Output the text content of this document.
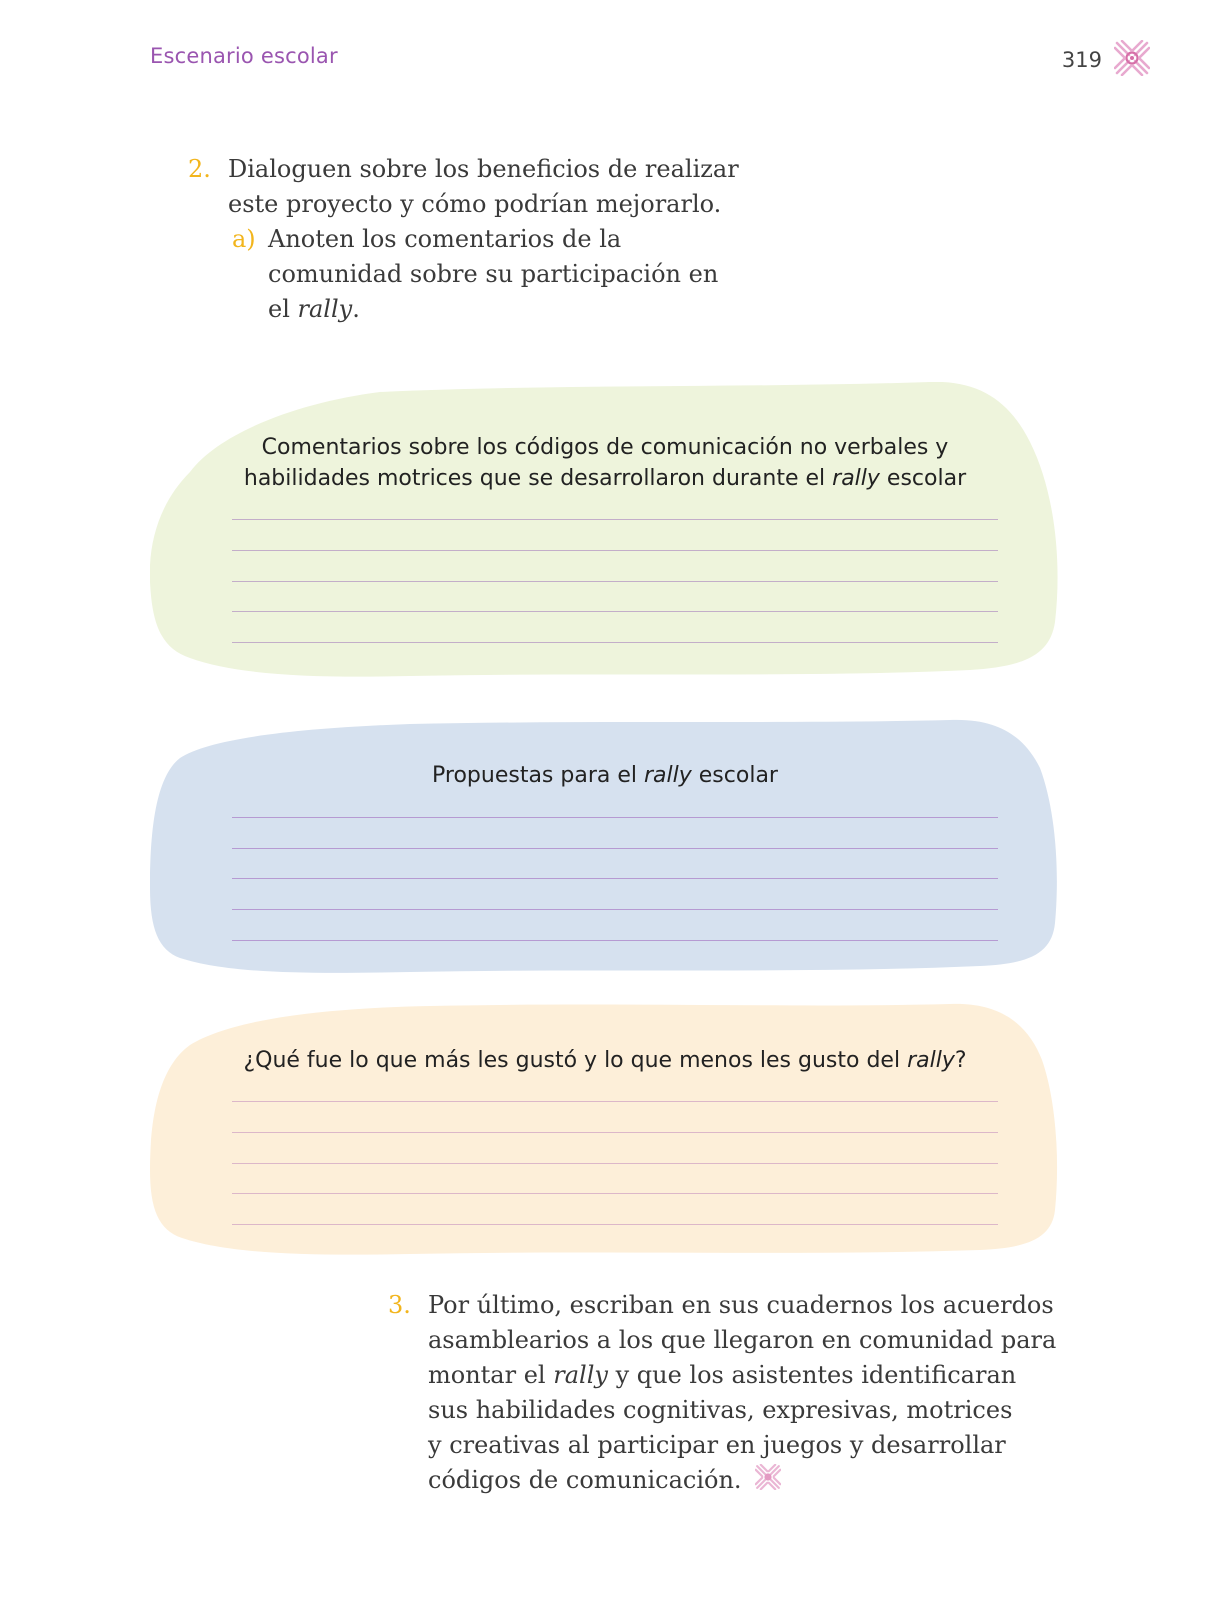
Escenario escolar	319
2. Dialoguen sobre los beneficios de realizar
este proyecto y cómo podrían mejorarlo.
a) Anoten los comentarios de la
comunidad sobre su participación en
el rally.
Comentarios sobre los códigos de comunicación no verbales y
habilidades motrices que se desarrollaron durante el rally escolar
Propuestas para el rally escolar
¿Qué fue lo que más les gustó y lo que menos les gusto del rally?
3. Por último, escriban en sus cuadernos los acuerdos
asamblearios a los que llegaron en comunidad para
montar el rally y que los asistentes identificaran
sus habilidades cognitivas, expresivas, motrices
y creativas al participar en juegos y desarrollar
códigos de comunicación.
